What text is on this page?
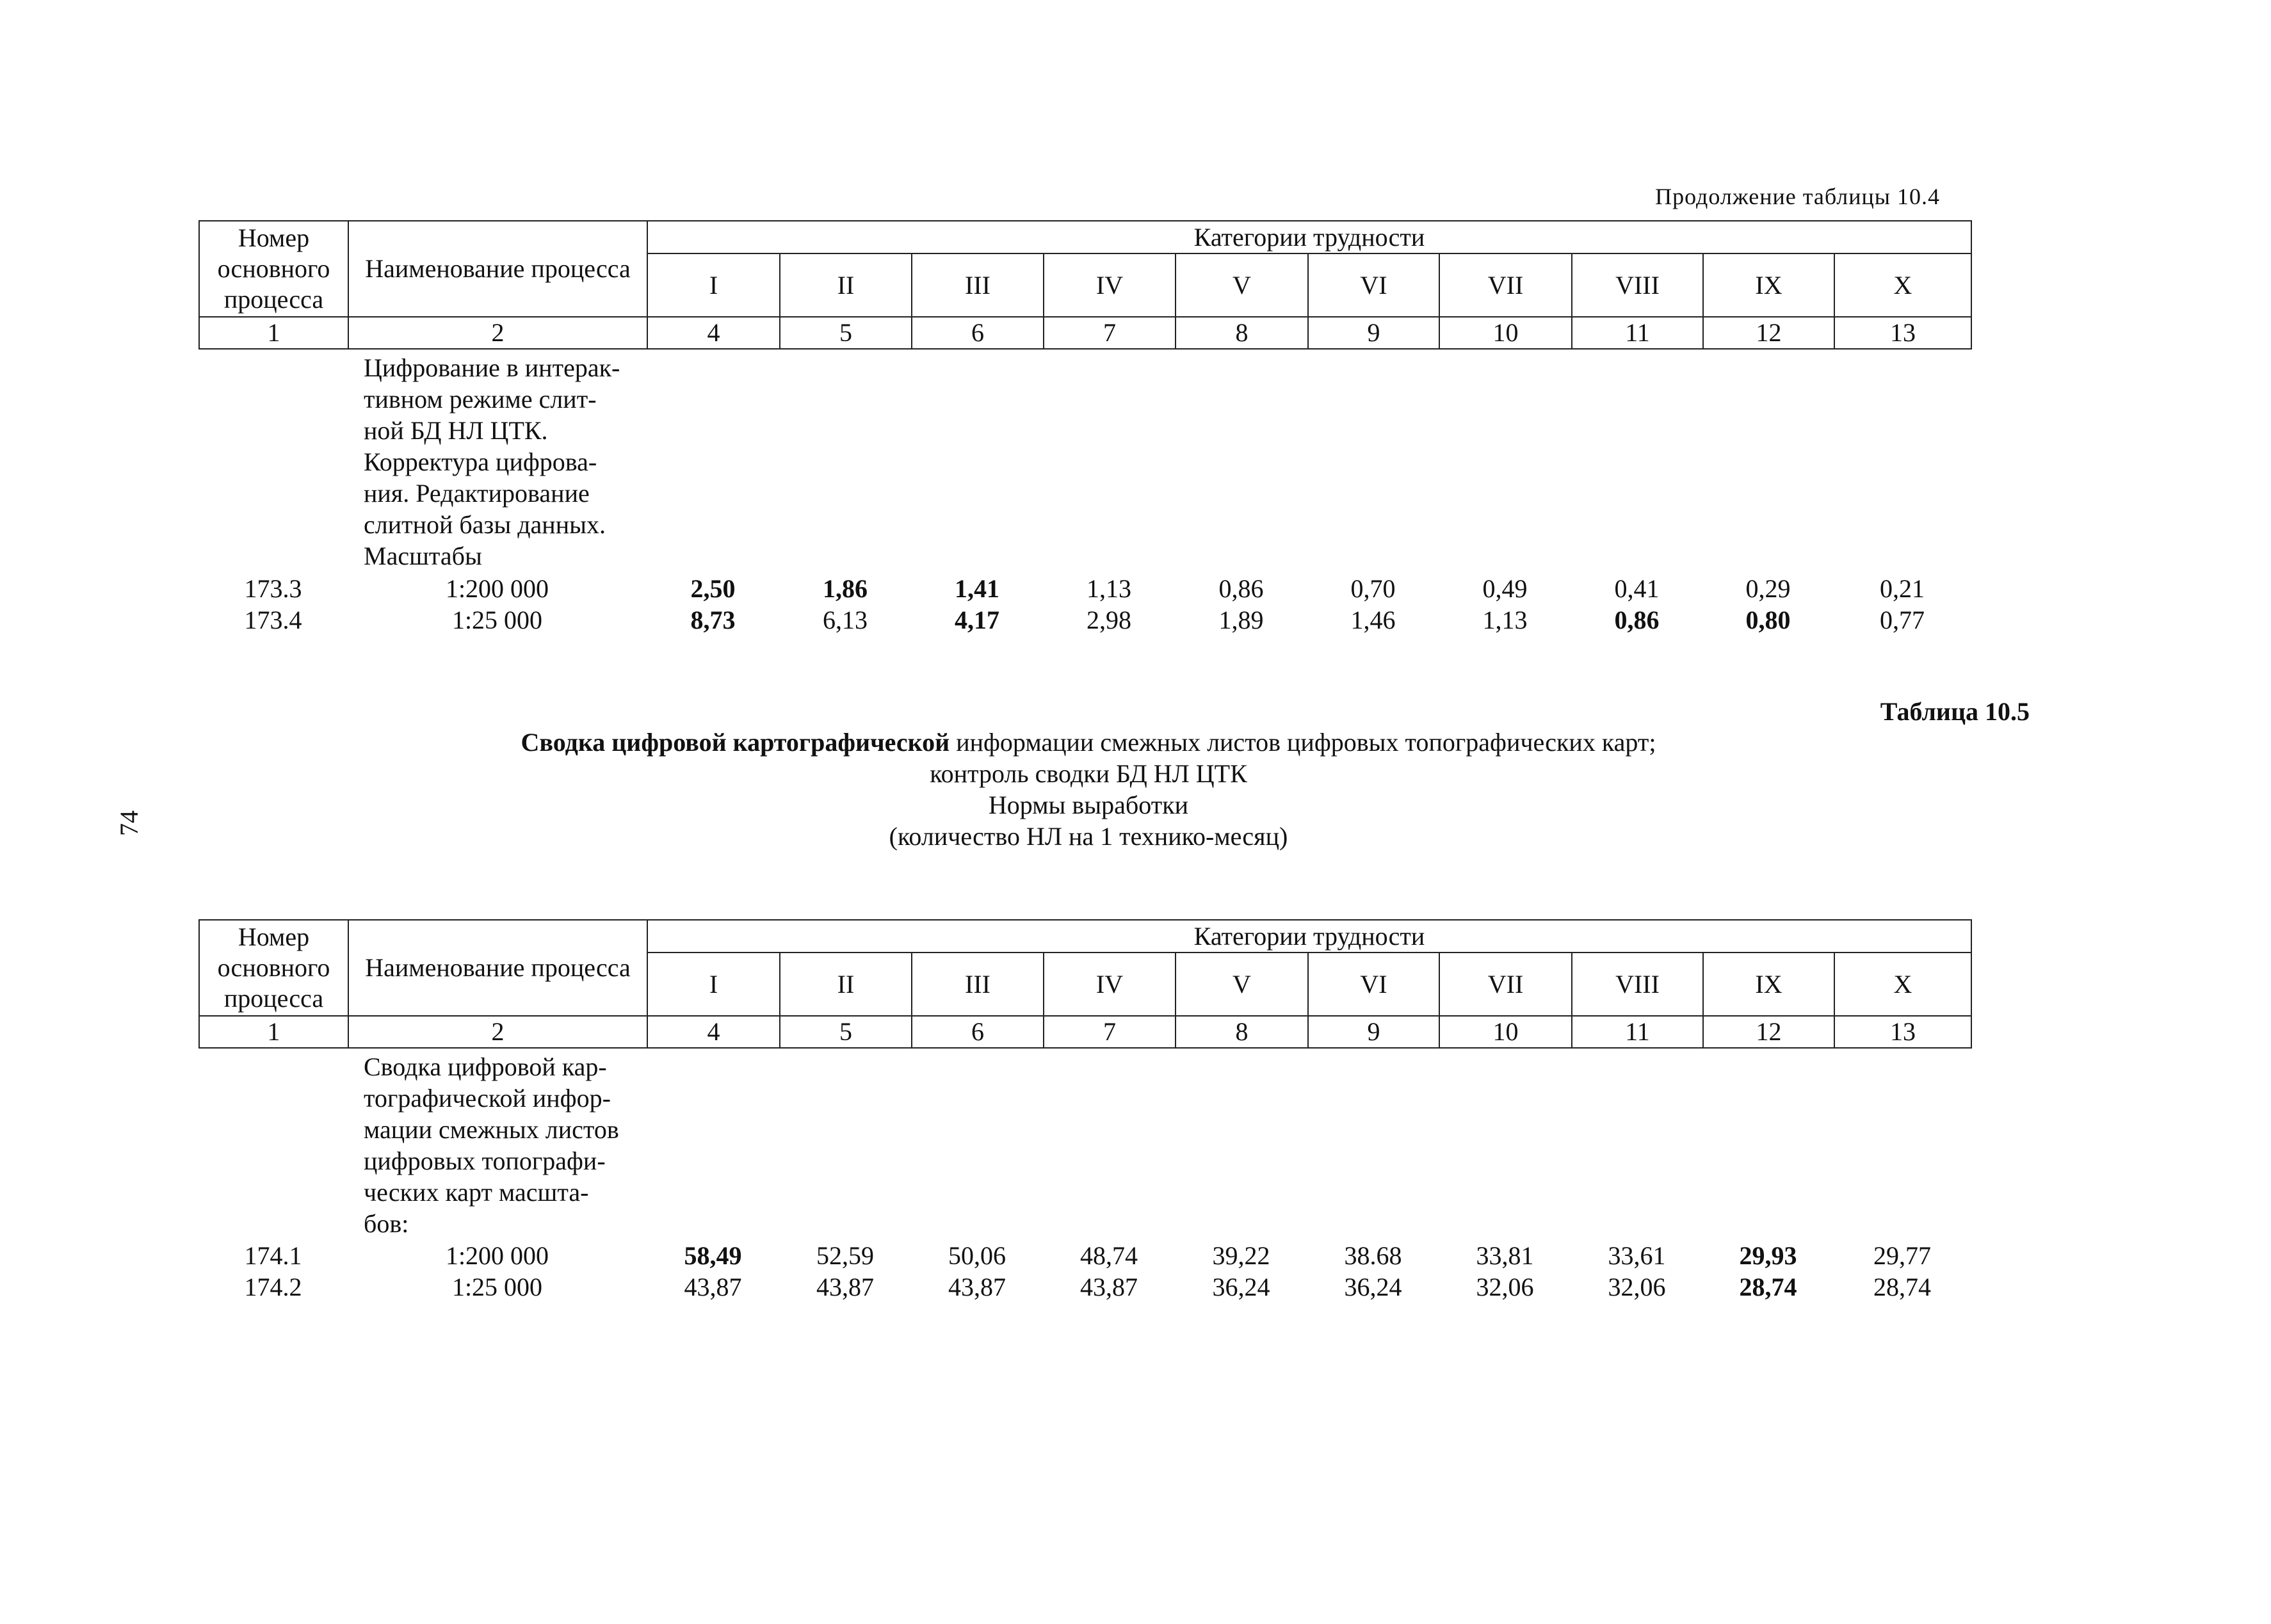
74
Продолжение таблицы 10.4
Номер основного процесса	Наименование процесса	Категории трудности									
		I	II	III	IV	V	VI	VII	VIII	IX	X
1	2	4	5	6	7	8	9	10	11	12	13
Цифрование в интерак-
тивном режиме слит-
ной БД НЛ ЦТК.
Корректура цифрова-
ния. Редактирование
слитной базы данных.
Масштабы
173.3	1:200 000	2,50	1,86	1,41	1,13	0,86	0,70	0,49	0,41	0,29	0,21
173.4	1:25 000	8,73	6,13	4,17	2,98	1,89	1,46	1,13	0,86	0,80	0,77
Таблица 10.5
Сводка цифровой картографической информации смежных листов цифровых топографических карт;
контроль сводки БД НЛ ЦТК
Нормы выработки
(количество НЛ на 1 технико-месяц)
Номер основного процесса	Наименование процесса	Категории трудности									
		I	II	III	IV	V	VI	VII	VIII	IX	X
1	2	4	5	6	7	8	9	10	11	12	13
Сводка цифровой кар-
тографической инфор-
мации смежных листов
цифровых топографи-
ческих карт масшта-
бов:
174.1	1:200 000	58,49	52,59	50,06	48,74	39,22	38.68	33,81	33,61	29,93	29,77
174.2	1:25 000	43,87	43,87	43,87	43,87	36,24	36,24	32,06	32,06	28,74	28,74
